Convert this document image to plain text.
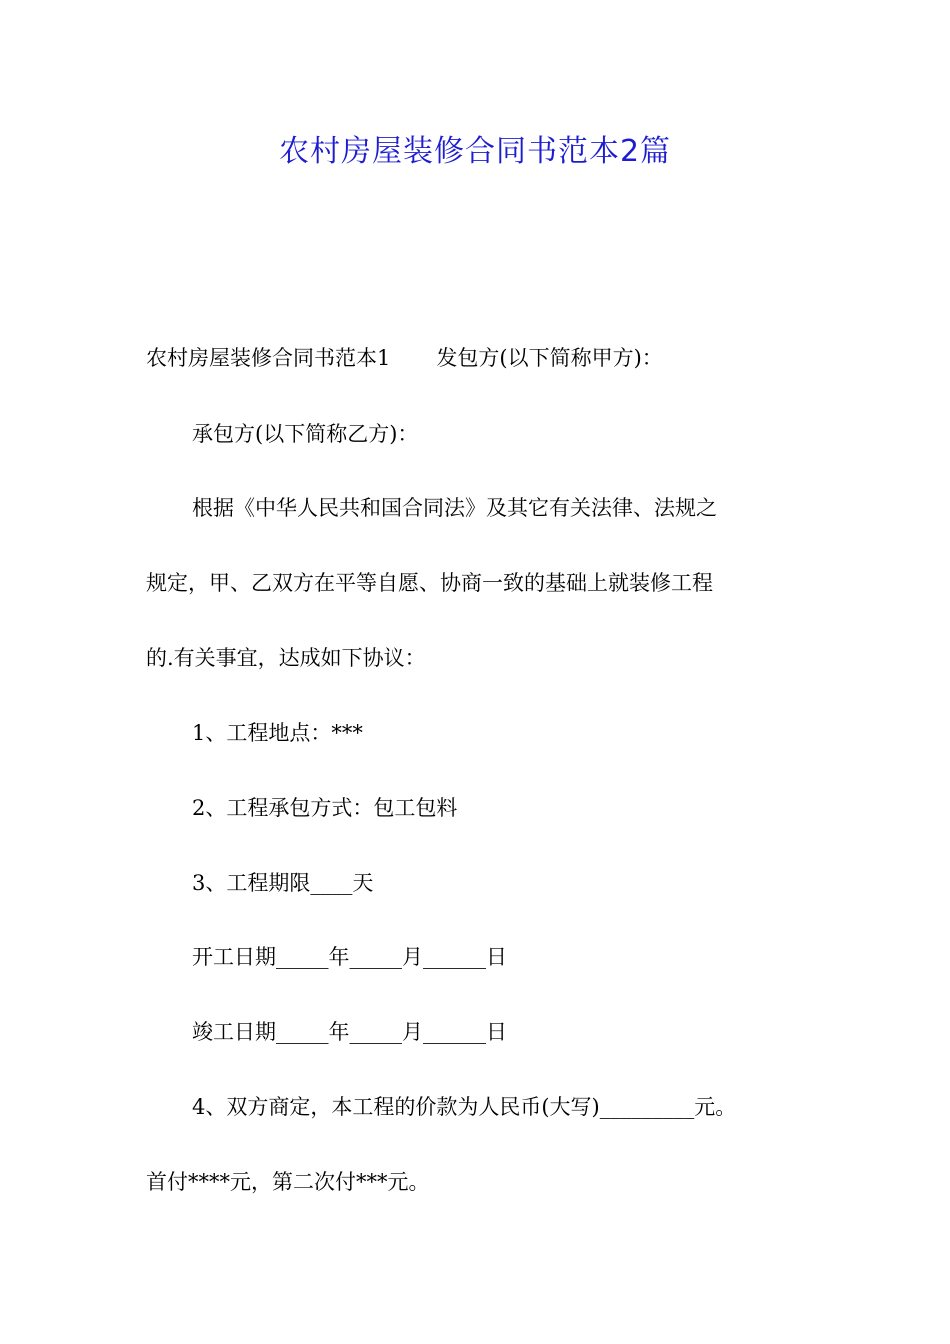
农村房屋装修合同书范本2篇

农村房屋装修合同书范本1 发包方(以下简称甲方)：

承包方(以下简称乙方)：

根据《中华人民共和国合同法》及其它有关法律、法规之

规定，甲、乙双方在平等自愿、协商一致的基础上就装修工程

的.有关事宜，达成如下协议：

1、工程地点：***

2、工程承包方式：包工包料

3、工程期限____天

开工日期_____年_____月______日

竣工日期_____年_____月______日

4、双方商定，本工程的价款为人民币(大写)_________元。

首付****元，第二次付***元。
